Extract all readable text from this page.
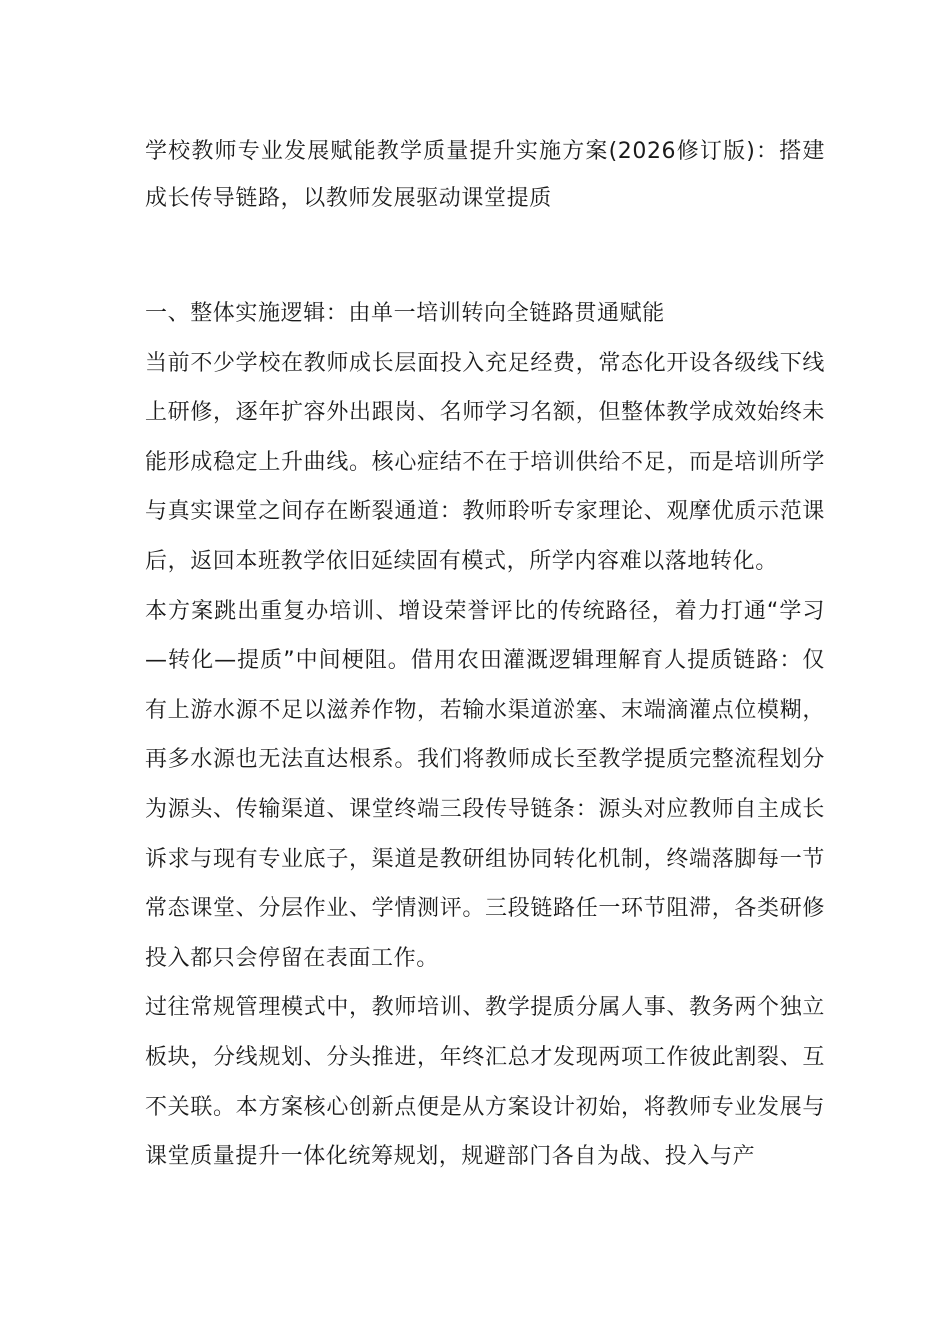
学校教师专业发展赋能教学质量提升实施方案(2026修订版)：搭建成长传导链路，以教师发展驱动课堂提质
一、整体实施逻辑：由单一培训转向全链路贯通赋能

当前不少学校在教师成长层面投入充足经费，常态化开设各级线下线上研修，逐年扩容外出跟岗、名师学习名额，但整体教学成效始终未能形成稳定上升曲线。核心症结不在于培训供给不足，而是培训所学与真实课堂之间存在断裂通道：教师聆听专家理论、观摩优质示范课后，返回本班教学依旧延续固有模式，所学内容难以落地转化。

本方案跳出重复办培训、增设荣誉评比的传统路径，着力打通“学习—转化—提质”中间梗阻。借用农田灌溉逻辑理解育人提质链路：仅有上游水源不足以滋养作物，若输水渠道淤塞、末端滴灌点位模糊，再多水源也无法直达根系。我们将教师成长至教学提质完整流程划分为源头、传输渠道、课堂终端三段传导链条：源头对应教师自主成长诉求与现有专业底子，渠道是教研组协同转化机制，终端落脚每一节常态课堂、分层作业、学情测评。三段链路任一环节阻滞，各类研修投入都只会停留在表面工作。

过往常规管理模式中，教师培训、教学提质分属人事、教务两个独立板块，分线规划、分头推进，年终汇总才发现两项工作彼此割裂、互不关联。本方案核心创新点便是从方案设计初始，将教师专业发展与课堂质量提升一体化统筹规划，规避部门各自为战、投入与产
